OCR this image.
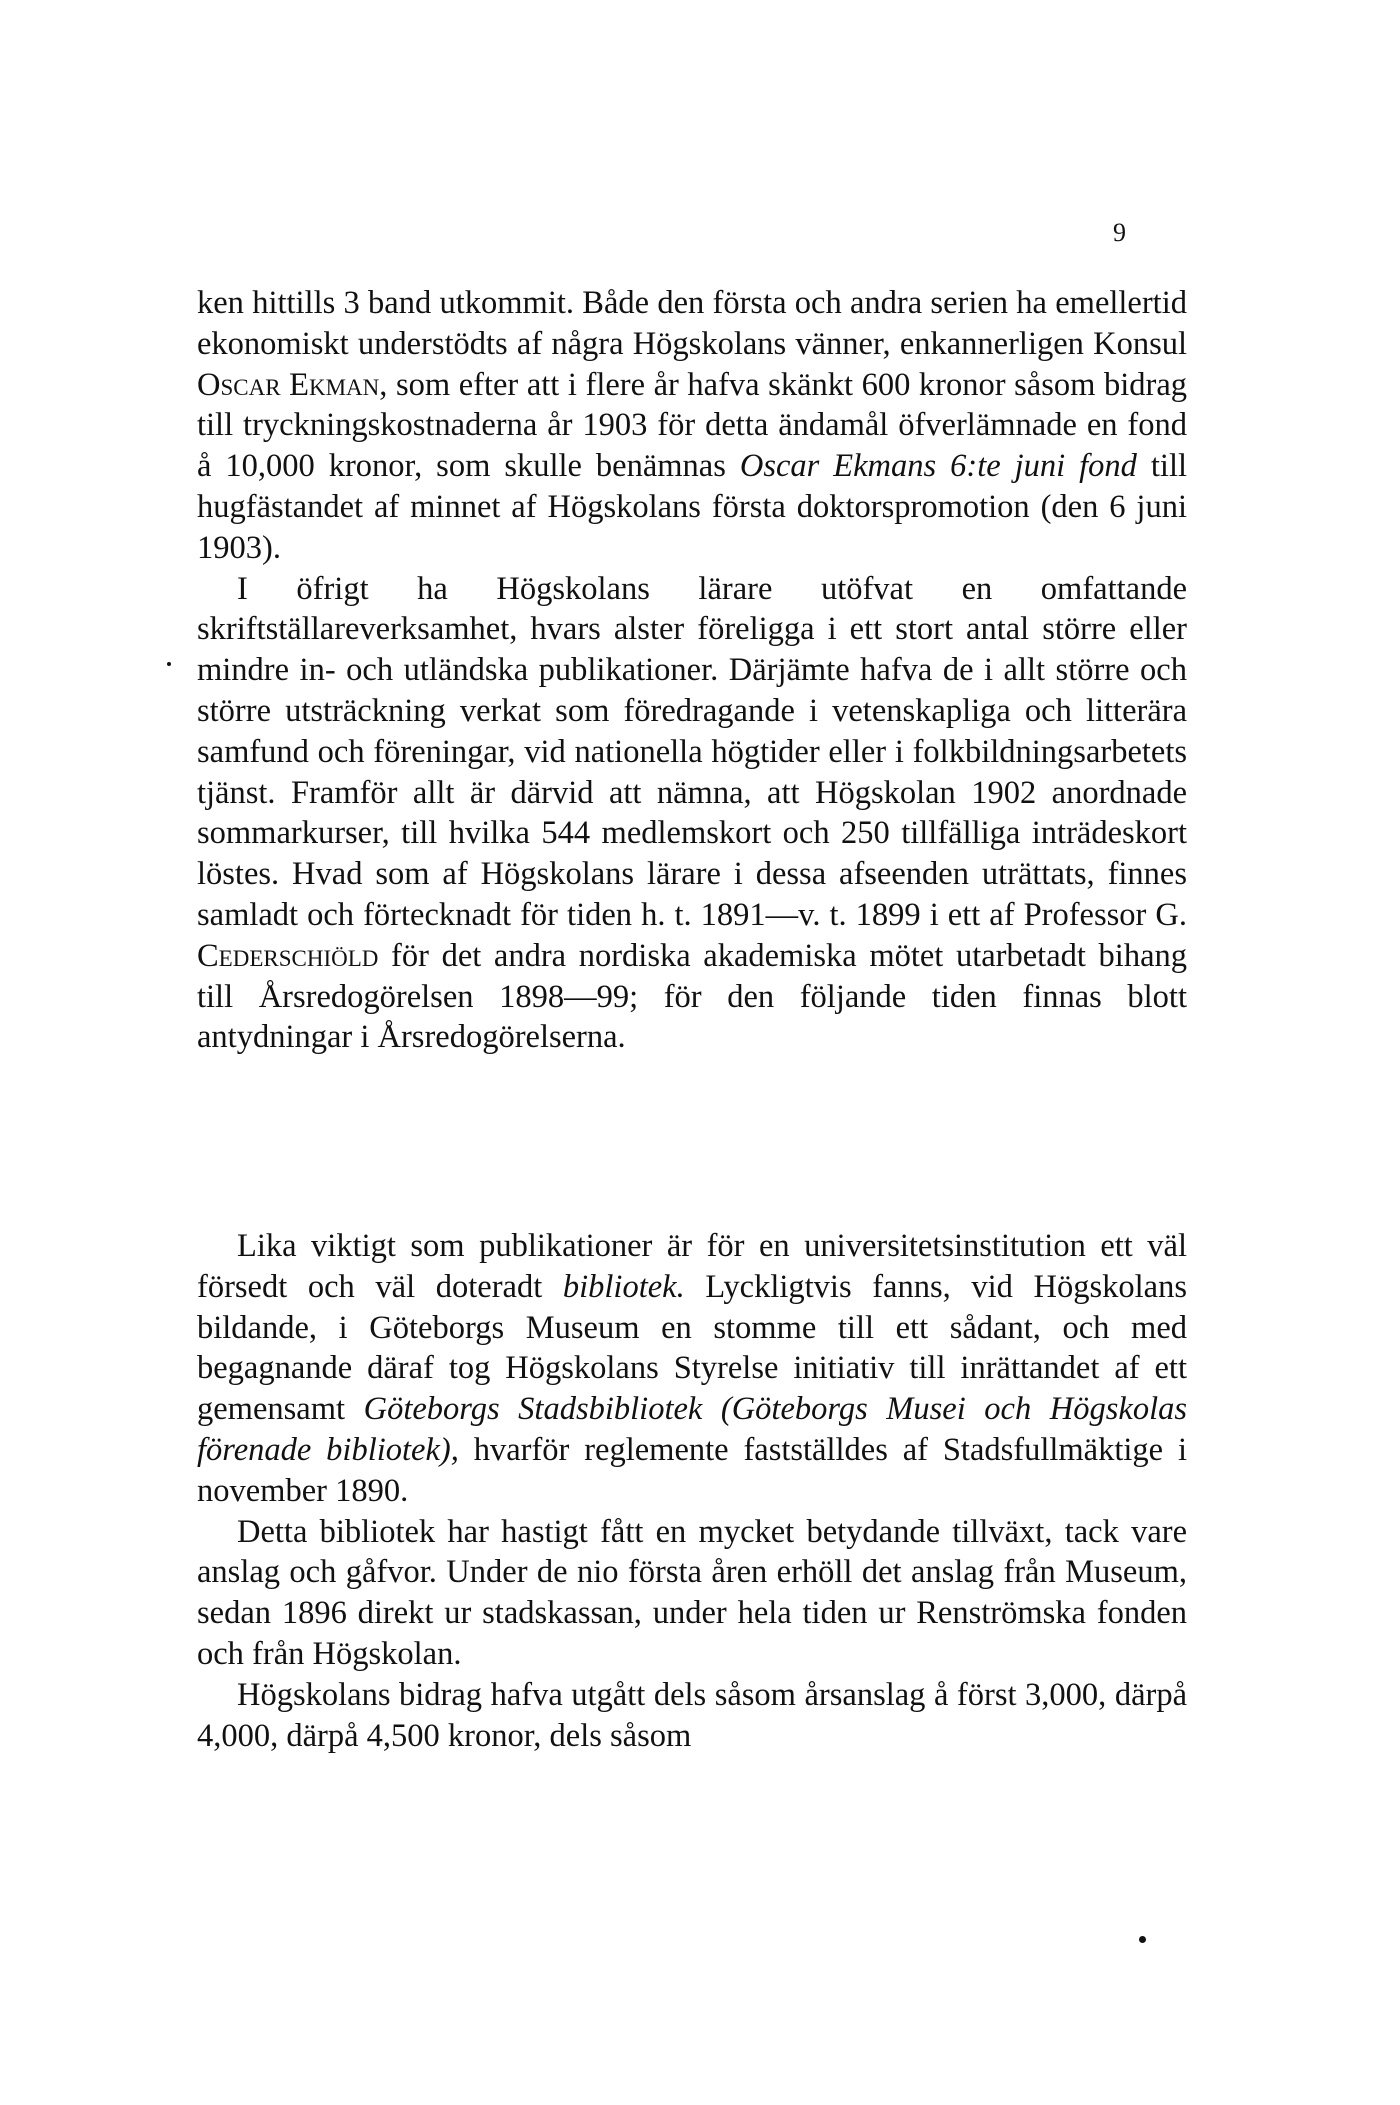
9

ken hittills 3 band utkommit. Både den första och andra serien ha emellertid ekonomiskt understödts af några Högskolans vänner, enkannerligen Konsul Oscar Ekman, som efter att i flere år hafva skänkt 600 kronor såsom bidrag till tryckningskostnaderna år 1903 för detta ändamål öfverlämnade en fond å 10,000 kronor, som skulle benämnas Oscar Ekmans 6:te juni fond till hugfästandet af minnet af Högskolans första doktorspromotion (den 6 juni 1903).

I öfrigt ha Högskolans lärare utöfvat en omfattande skriftställareverksamhet, hvars alster föreligga i ett stort antal större eller mindre in- och utländska publikationer. Därjämte hafva de i allt större och större utsträckning verkat som föredragande i vetenskapliga och litterära samfund och föreningar, vid nationella högtider eller i folkbildningsarbetets tjänst. Framför allt är därvid att nämna, att Högskolan 1902 anordnade sommarkurser, till hvilka 544 medlemskort och 250 tillfälliga inträdeskort löstes. Hvad som af Högskolans lärare i dessa afseenden uträttats, finnes samladt och förtecknadt för tiden h. t. 1891—v. t. 1899 i ett af Professor G. Cederschiöld för det andra nordiska akademiska mötet utarbetadt bihang till Årsredogörelsen 1898—99; för den följande tiden finnas blott antydningar i Årsredogörelserna.

Lika viktigt som publikationer är för en universitetsinstitution ett väl försedt och väl doteradt bibliotek. Lyckligtvis fanns, vid Högskolans bildande, i Göteborgs Museum en stomme till ett sådant, och med begagnande däraf tog Högskolans Styrelse initiativ till inrättandet af ett gemensamt Göteborgs Stadsbibliotek (Göteborgs Musei och Högskolas förenade bibliotek), hvarför reglemente fastställdes af Stadsfullmäktige i november 1890.

Detta bibliotek har hastigt fått en mycket betydande tillväxt, tack vare anslag och gåfvor. Under de nio första åren erhöll det anslag från Museum, sedan 1896 direkt ur stadskassan, under hela tiden ur Renströmska fonden och från Högskolan.

Högskolans bidrag hafva utgått dels såsom årsanslag å först 3,000, därpå 4,000, därpå 4,500 kronor, dels såsom
